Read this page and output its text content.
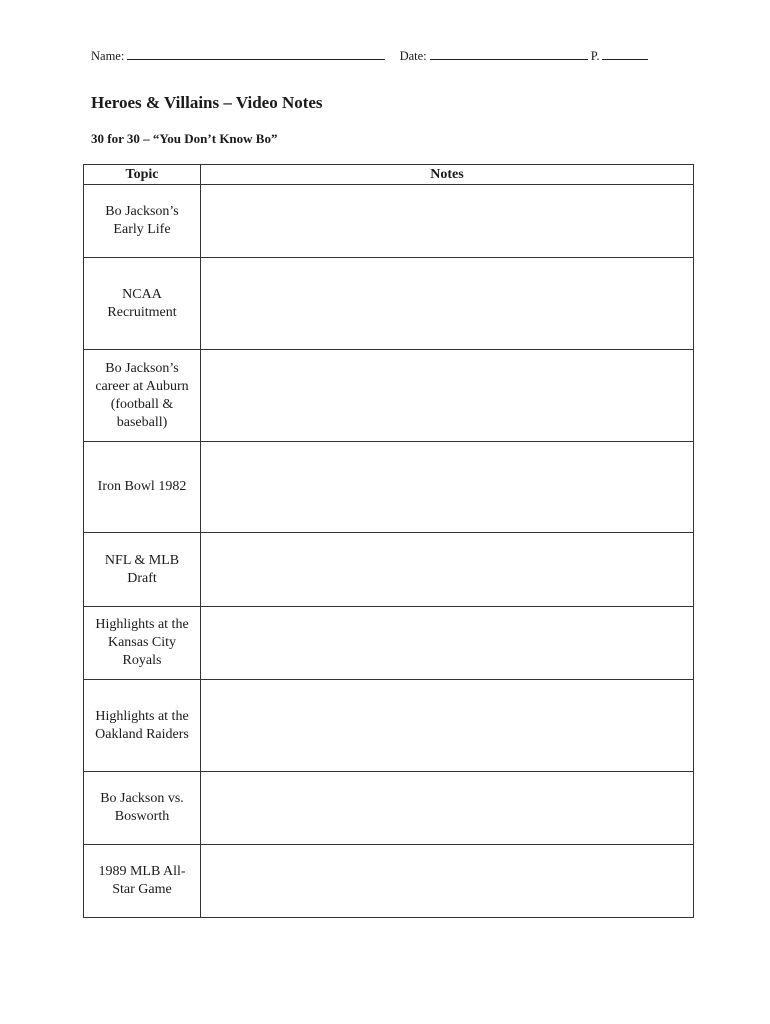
Name:	Date:	P.
Heroes & Villains – Video Notes
30 for 30 – “You Don’t Know Bo”
Topic	Notes
Bo Jackson’s Early Life	
NCAA Recruitment	
Bo Jackson’s career at Auburn (football & baseball)	
Iron Bowl 1982	
NFL & MLB Draft	
Highlights at the Kansas City Royals	
Highlights at the Oakland Raiders	
Bo Jackson vs. Bosworth	
1989 MLB All-Star Game	
